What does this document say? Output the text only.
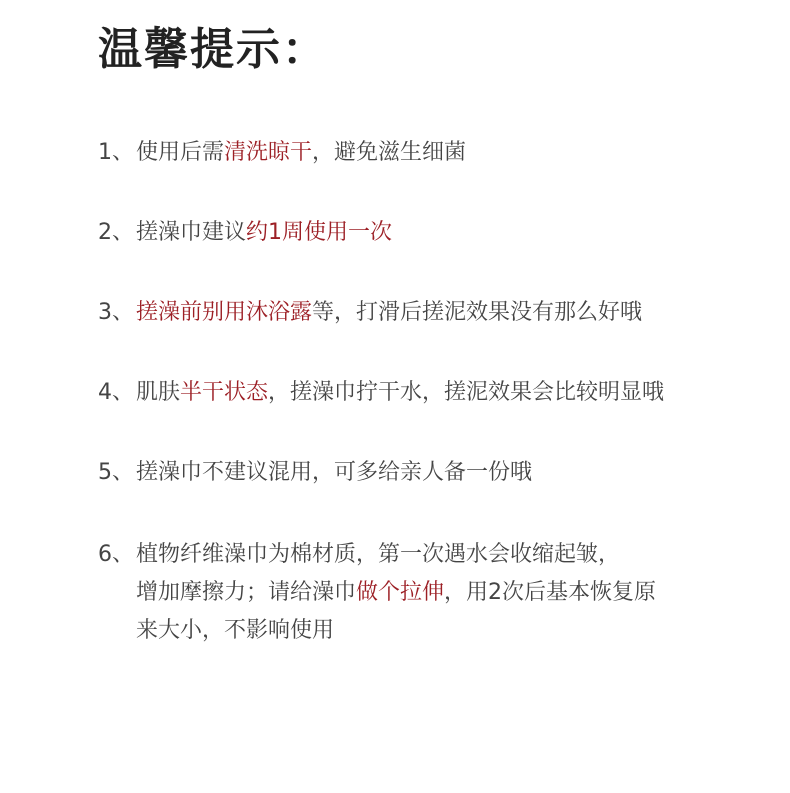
温馨提示：
1、使用后需清洗晾干，避免滋生细菌
2、搓澡巾建议约1周使用一次
3、搓澡前别用沐浴露等，打滑后搓泥效果没有那么好哦
4、肌肤半干状态，搓澡巾拧干水，搓泥效果会比较明显哦
5、搓澡巾不建议混用，可多给亲人备一份哦
6、植物纤维澡巾为棉材质，第一次遇水会收缩起皱，
增加摩擦力；请给澡巾做个拉伸，用2次后基本恢复原
来大小，不影响使用
